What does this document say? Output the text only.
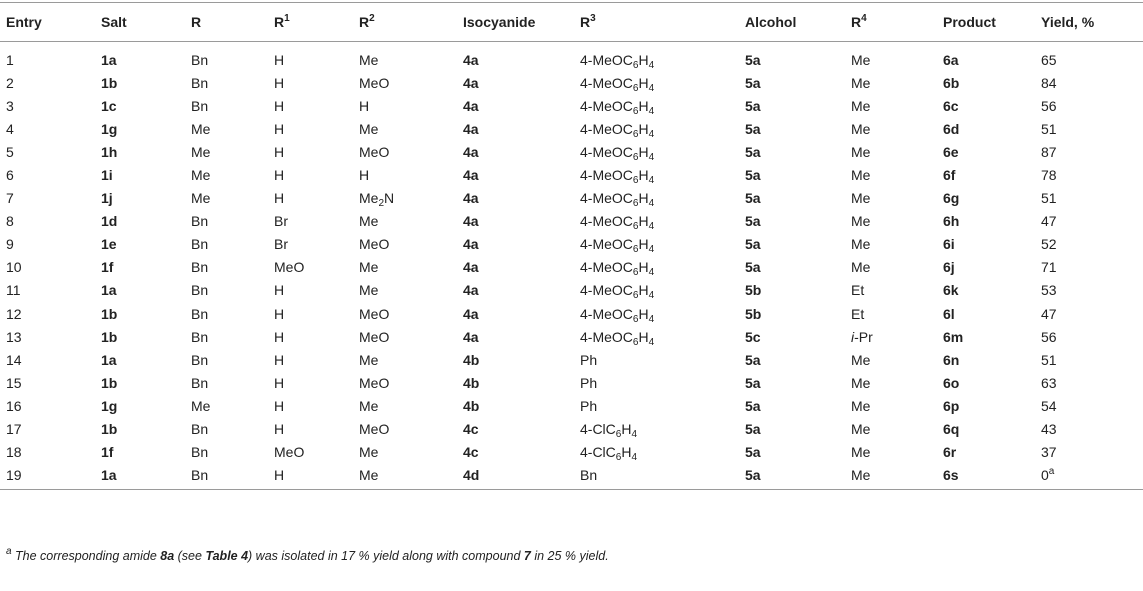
Entry	Salt	R	$R^1$	$R^2$	Isocyanide	$R^3$	Alcohol	$R^4$	Product	Yield, %
1	1a	Bn	H	Me	4a	$4-MeOC_6H_4$	5a	Me	6a	65
2	1b	Bn	H	MeO	4a	$4-MeOC_6H_4$	5a	Me	6b	84
3	1c	Bn	H	H	4a	$4-MeOC_6H_4$	5a	Me	6c	56
4	1g	Me	H	Me	4a	$4-MeOC_6H_4$	5a	Me	6d	51
5	1h	Me	H	MeO	4a	$4-MeOC_6H_4$	5a	Me	6e	87
6	1i	Me	H	H	4a	$4-MeOC_6H_4$	5a	Me	6f	78
7	1j	Me	H	$Me_2N$	4a	$4-MeOC_6H_4$	5a	Me	6g	51
8	1d	Bn	Br	Me	4a	$4-MeOC_6H_4$	5a	Me	6h	47
9	1e	Bn	Br	MeO	4a	$4-MeOC_6H_4$	5a	Me	6i	52
10	1f	Bn	MeO	Me	4a	$4-MeOC_6H_4$	5a	Me	6j	71
11	1a	Bn	H	Me	4a	$4-MeOC_6H_4$	5b	Et	6k	53
12	1b	Bn	H	MeO	4a	$4-MeOC_6H_4$	5b	Et	6l	47
13	1b	Bn	H	MeO	4a	$4-MeOC_6H_4$	5c	i-Pr	6m	56
14	1a	Bn	H	Me	4b	Ph	5a	Me	6n	51
15	1b	Bn	H	MeO	4b	Ph	5a	Me	6o	63
16	1g	Me	H	Me	4b	Ph	5a	Me	6p	54
17	1b	Bn	H	MeO	4c	$4-ClC_6H_4$	5a	Me	6q	43
18	1f	Bn	MeO	Me	4c	$4-ClC_6H_4$	5a	Me	6r	37
19	1a	Bn	H	Me	4d	Bn	5a	Me	6s	0$^a$
$^a$ The corresponding amide 8a (see Table 4) was isolated in 17 % yield along with compound 7 in 25 % yield.
